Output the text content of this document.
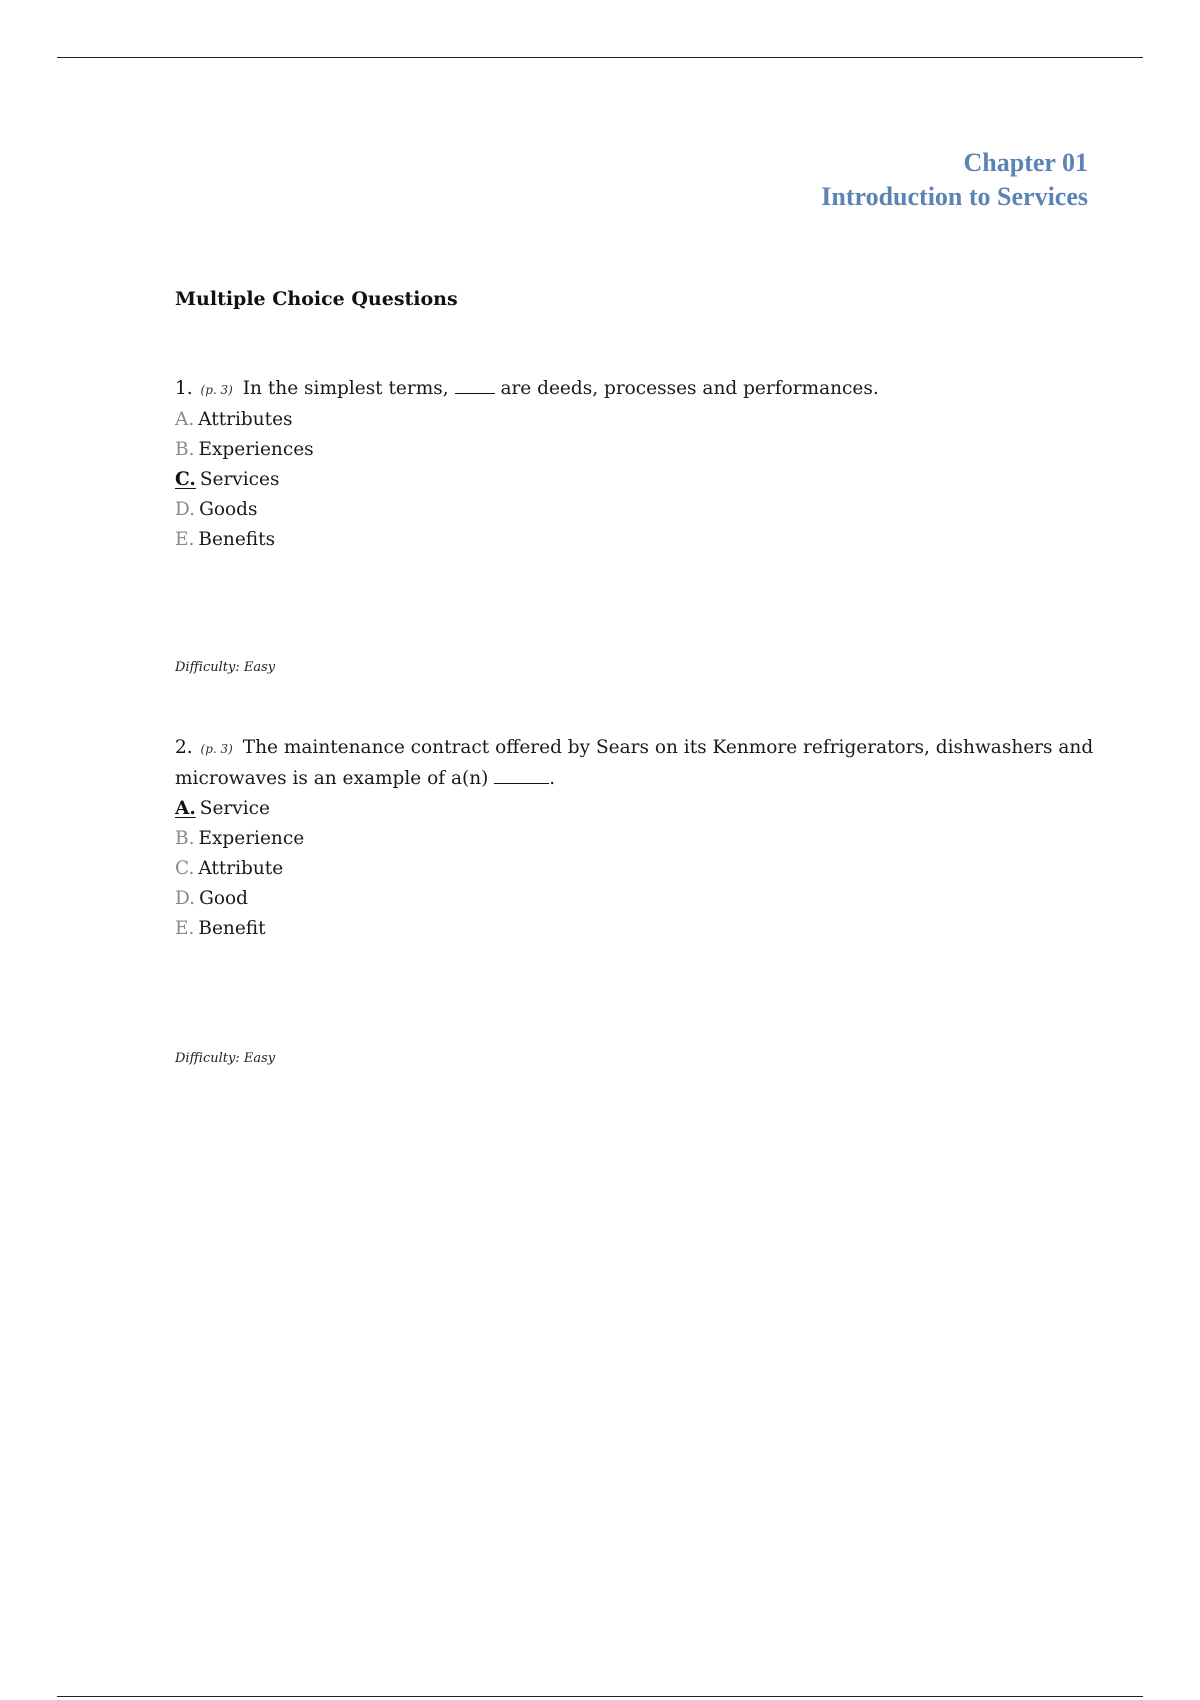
Chapter 01
Introduction to Services
Multiple Choice Questions
1. (p. 3) In the simplest terms,	are deeds, processes and performances.
A. Attributes
B. Experiences
C. Services
D. Goods
E. Benefits
Difficulty: Easy
2. (p. 3) The maintenance contract offered by Sears on its Kenmore refrigerators, dishwashers and microwaves is an example of a(n)	.
A. Service
B. Experience
C. Attribute
D. Good
E. Benefit
Difficulty: Easy
